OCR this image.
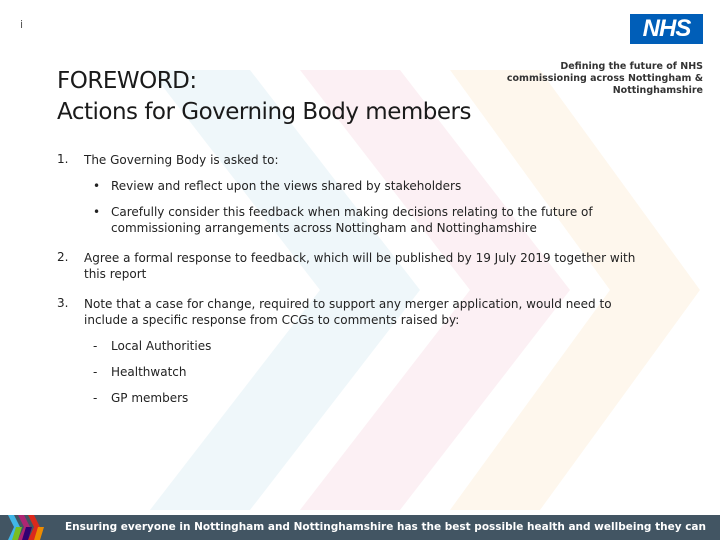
i	NHS
Defining the future of NHS
commissioning across Nottingham &
Nottinghamshire
FOREWORD:
Actions for Governing Body members
1. The Governing Body is asked to:
• Review and reflect upon the views shared by stakeholders
• Carefully consider this feedback when making decisions relating to the future of commissioning arrangements across Nottingham and Nottinghamshire
2. Agree a formal response to feedback, which will be published by 19 July 2019 together with this report
3. Note that a case for change, required to support any merger application, would need to include a specific response from CCGs to comments raised by:
- Local Authorities
- Healthwatch
- GP members
Ensuring everyone in Nottingham and Nottinghamshire has the best possible health and wellbeing they can
